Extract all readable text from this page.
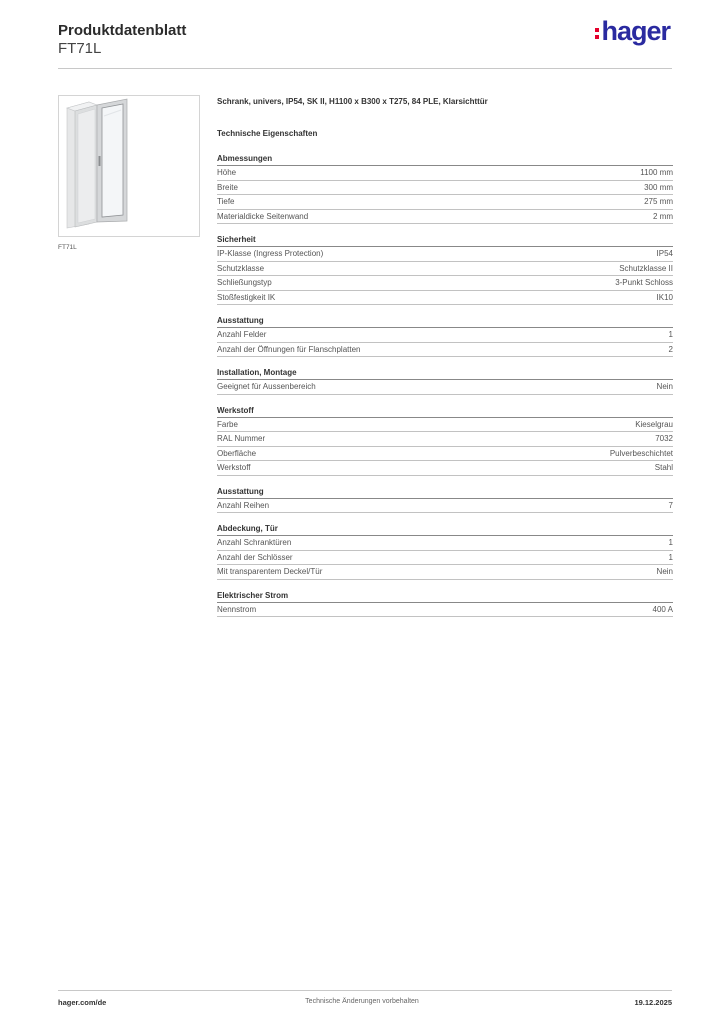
Produktdatenblatt
FT71L
hager
FT71L
Schrank, univers, IP54, SK II, H1100 x B300 x T275, 84 PLE, Klarsichttür
Technische Eigenschaften
Abmessungen
Höhe	1100 mm
Breite	300 mm
Tiefe	275 mm
Materialdicke Seitenwand	2 mm
Sicherheit
IP-Klasse (Ingress Protection)	IP54
Schutzklasse	Schutzklasse II
Schließungstyp	3-Punkt Schloss
Stoßfestigkeit IK	IK10
Ausstattung
Anzahl Felder	1
Anzahl der Öffnungen für Flanschplatten	2
Installation, Montage
Geeignet für Aussenbereich	Nein
Werkstoff
Farbe	Kieselgrau
RAL Nummer	7032
Oberfläche	Pulverbeschichtet
Werkstoff	Stahl
Ausstattung
Anzahl Reihen	7
Abdeckung, Tür
Anzahl Schranktüren	1
Anzahl der Schlösser	1
Mit transparentem Deckel/Tür	Nein
Elektrischer Strom
Nennstrom	400 A
hager.com/de	Technische Änderungen vorbehalten	19.12.2025
